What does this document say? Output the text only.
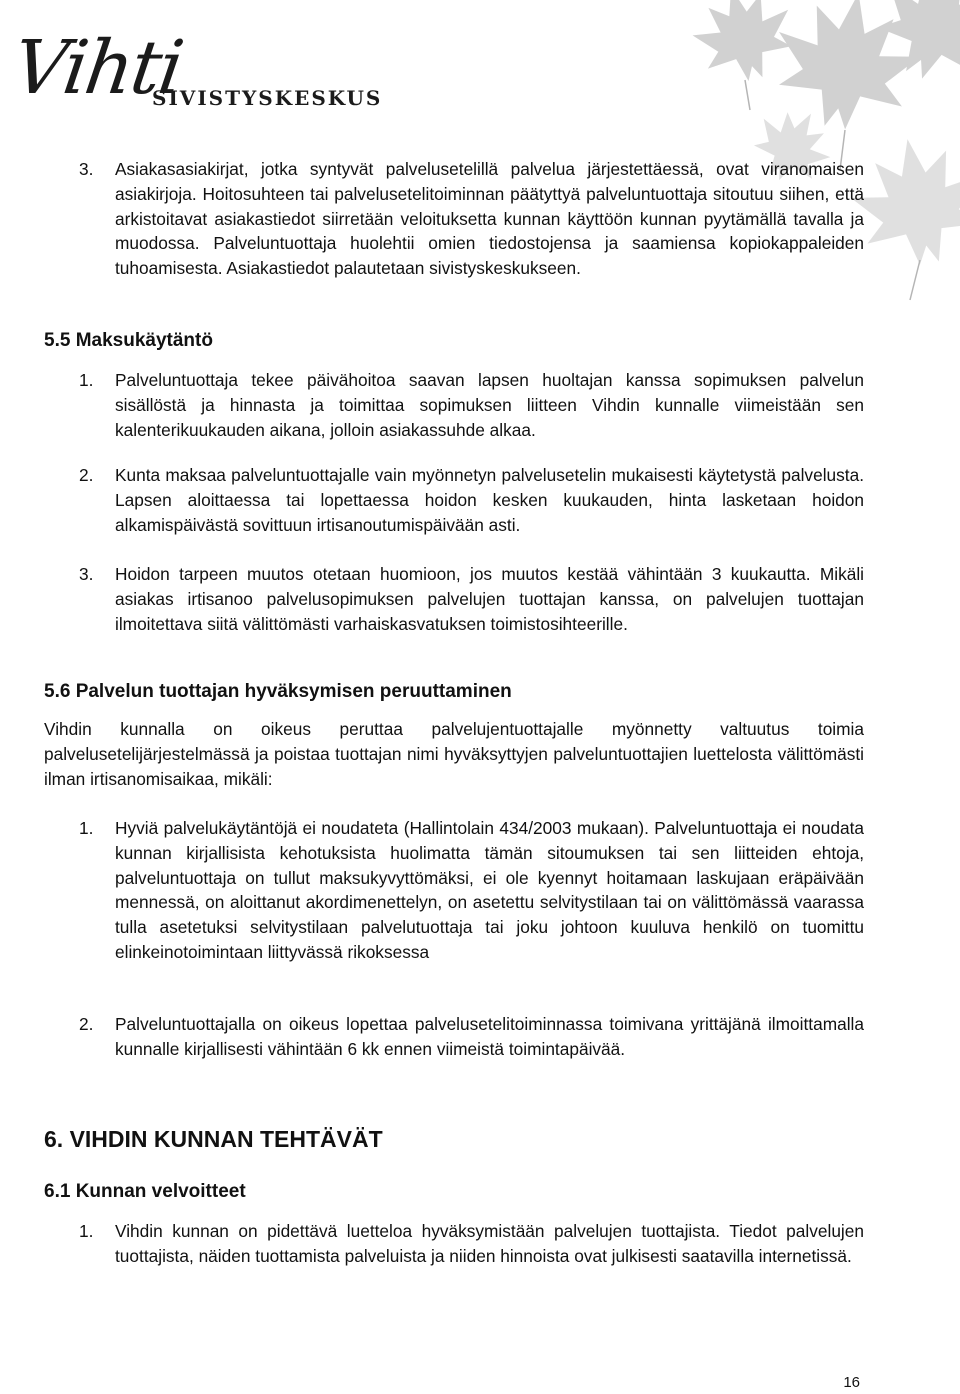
Vihti
SIVISTYSKESKUS
3. Asiakasasiakirjat, jotka syntyvät palvelusetelillä palvelua järjestettäessä, ovat viranomaisen asiakirjoja. Hoitosuhteen tai palvelusetelitoiminnan päätyttyä palveluntuottaja sitoutuu siihen, että arkistoitavat asiakastiedot siirretään veloituksetta kunnan käyttöön kunnan pyytämällä tavalla ja muodossa. Palveluntuottaja huolehtii omien tiedostojensa ja saamiensa kopiokappaleiden tuhoamisesta. Asiakastiedot palautetaan sivistyskeskukseen.

5.5 Maksukäytäntö
1. Palveluntuottaja tekee päivähoitoa saavan lapsen huoltajan kanssa sopimuksen palvelun sisällöstä ja hinnasta ja toimittaa sopimuksen liitteen Vihdin kunnalle viimeistään sen kalenterikuukauden aikana, jolloin asiakassuhde alkaa.

2. Kunta maksaa palveluntuottajalle vain myönnetyn palvelusetelin mukaisesti käytetystä palvelusta. Lapsen aloittaessa tai lopettaessa hoidon kesken kuukauden, hinta lasketaan hoidon alkamispäivästä sovittuun irtisanoutumispäivään asti.

3. Hoidon tarpeen muutos otetaan huomioon, jos muutos kestää vähintään 3 kuukautta. Mikäli asiakas irtisanoo palvelusopimuksen palvelujen tuottajan kanssa, on palvelujen tuottajan ilmoitettava siitä välittömästi varhaiskasvatuksen toimistosihteerille.

5.6 Palvelun tuottajan hyväksymisen peruuttaminen

Vihdin kunnalla on oikeus peruttaa palvelujentuottajalle myönnetty valtuutus toimia palvelusetelijärjestelmässä ja poistaa tuottajan nimi hyväksyttyjen palveluntuottajien luettelosta välittömästi ilman irtisanomisaikaa, mikäli:

1. Hyviä palvelukäytäntöjä ei noudateta (Hallintolain 434/2003 mukaan). Palveluntuottaja ei noudata kunnan kirjallisista kehotuksista huolimatta tämän sitoumuksen tai sen liitteiden ehtoja, palveluntuottaja on tullut maksukyvyttömäksi, ei ole kyennyt hoitamaan laskujaan eräpäivään mennessä, on aloittanut akordimenettelyn, on asetettu selvitystilaan tai on välittömässä vaarassa tulla asetetuksi selvitystilaan palvelutuottaja tai joku johtoon kuuluva henkilö on tuomittu elinkeinotoimintaan liittyvässä rikoksessa

2. Palveluntuottajalla on oikeus lopettaa palvelusetelitoiminnassa toimivana yrittäjänä ilmoittamalla kunnalle kirjallisesti vähintään 6 kk ennen viimeistä toimintapäivää.

6. VIHDIN KUNNAN TEHTÄVÄT
6.1 Kunnan velvoitteet
1. Vihdin kunnan on pidettävä luetteloa hyväksymistään palvelujen tuottajista. Tiedot palvelujen tuottajista, näiden tuottamista palveluista ja niiden hinnoista ovat julkisesti saatavilla internetissä.

16
